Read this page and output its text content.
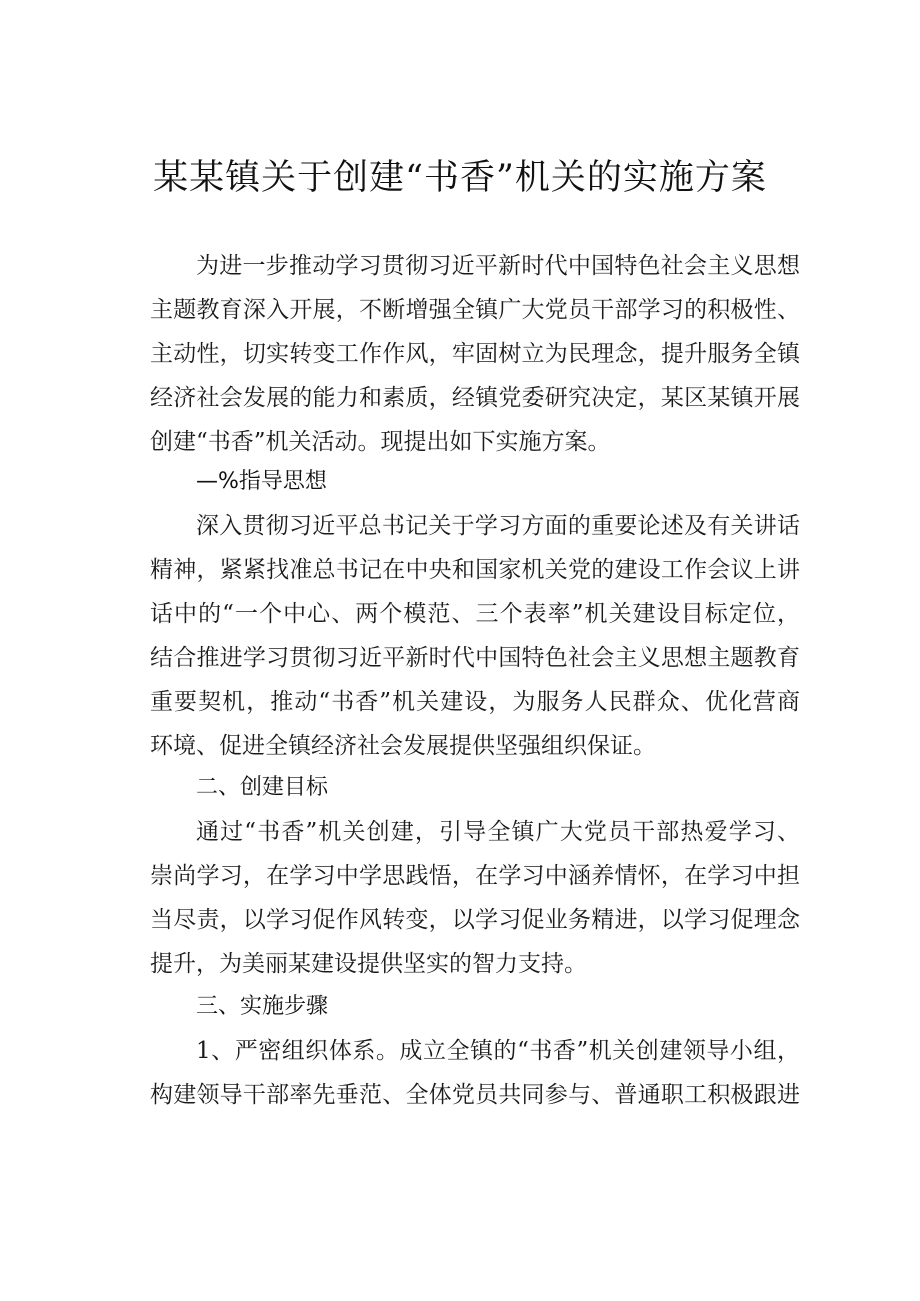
某某镇关于创建“书香”机关的实施方案
为进一步推动学习贯彻习近平新时代中国特色社会主义思想
主题教育深入开展，不断增强全镇广大党员干部学习的积极性、
主动性，切实转变工作作风，牢固树立为民理念，提升服务全镇
经济社会发展的能力和素质，经镇党委研究决定，某区某镇开展
创建“书香”机关活动。现提出如下实施方案。
—%指导思想
深入贯彻习近平总书记关于学习方面的重要论述及有关讲话
精神，紧紧找准总书记在中央和国家机关党的建设工作会议上讲
话中的“一个中心、两个模范、三个表率”机关建设目标定位，
结合推进学习贯彻习近平新时代中国特色社会主义思想主题教育
重要契机，推动“书香”机关建设，为服务人民群众、优化营商
环境、促进全镇经济社会发展提供坚强组织保证。
二、创建目标
通过“书香”机关创建，引导全镇广大党员干部热爱学习、
崇尚学习，在学习中学思践悟，在学习中涵养情怀，在学习中担
当尽责，以学习促作风转变，以学习促业务精进，以学习促理念
提升，为美丽某建设提供坚实的智力支持。
三、实施步骤
1、严密组织体系。成立全镇的“书香”机关创建领导小组，
构建领导干部率先垂范、全体党员共同参与、普通职工积极跟进
